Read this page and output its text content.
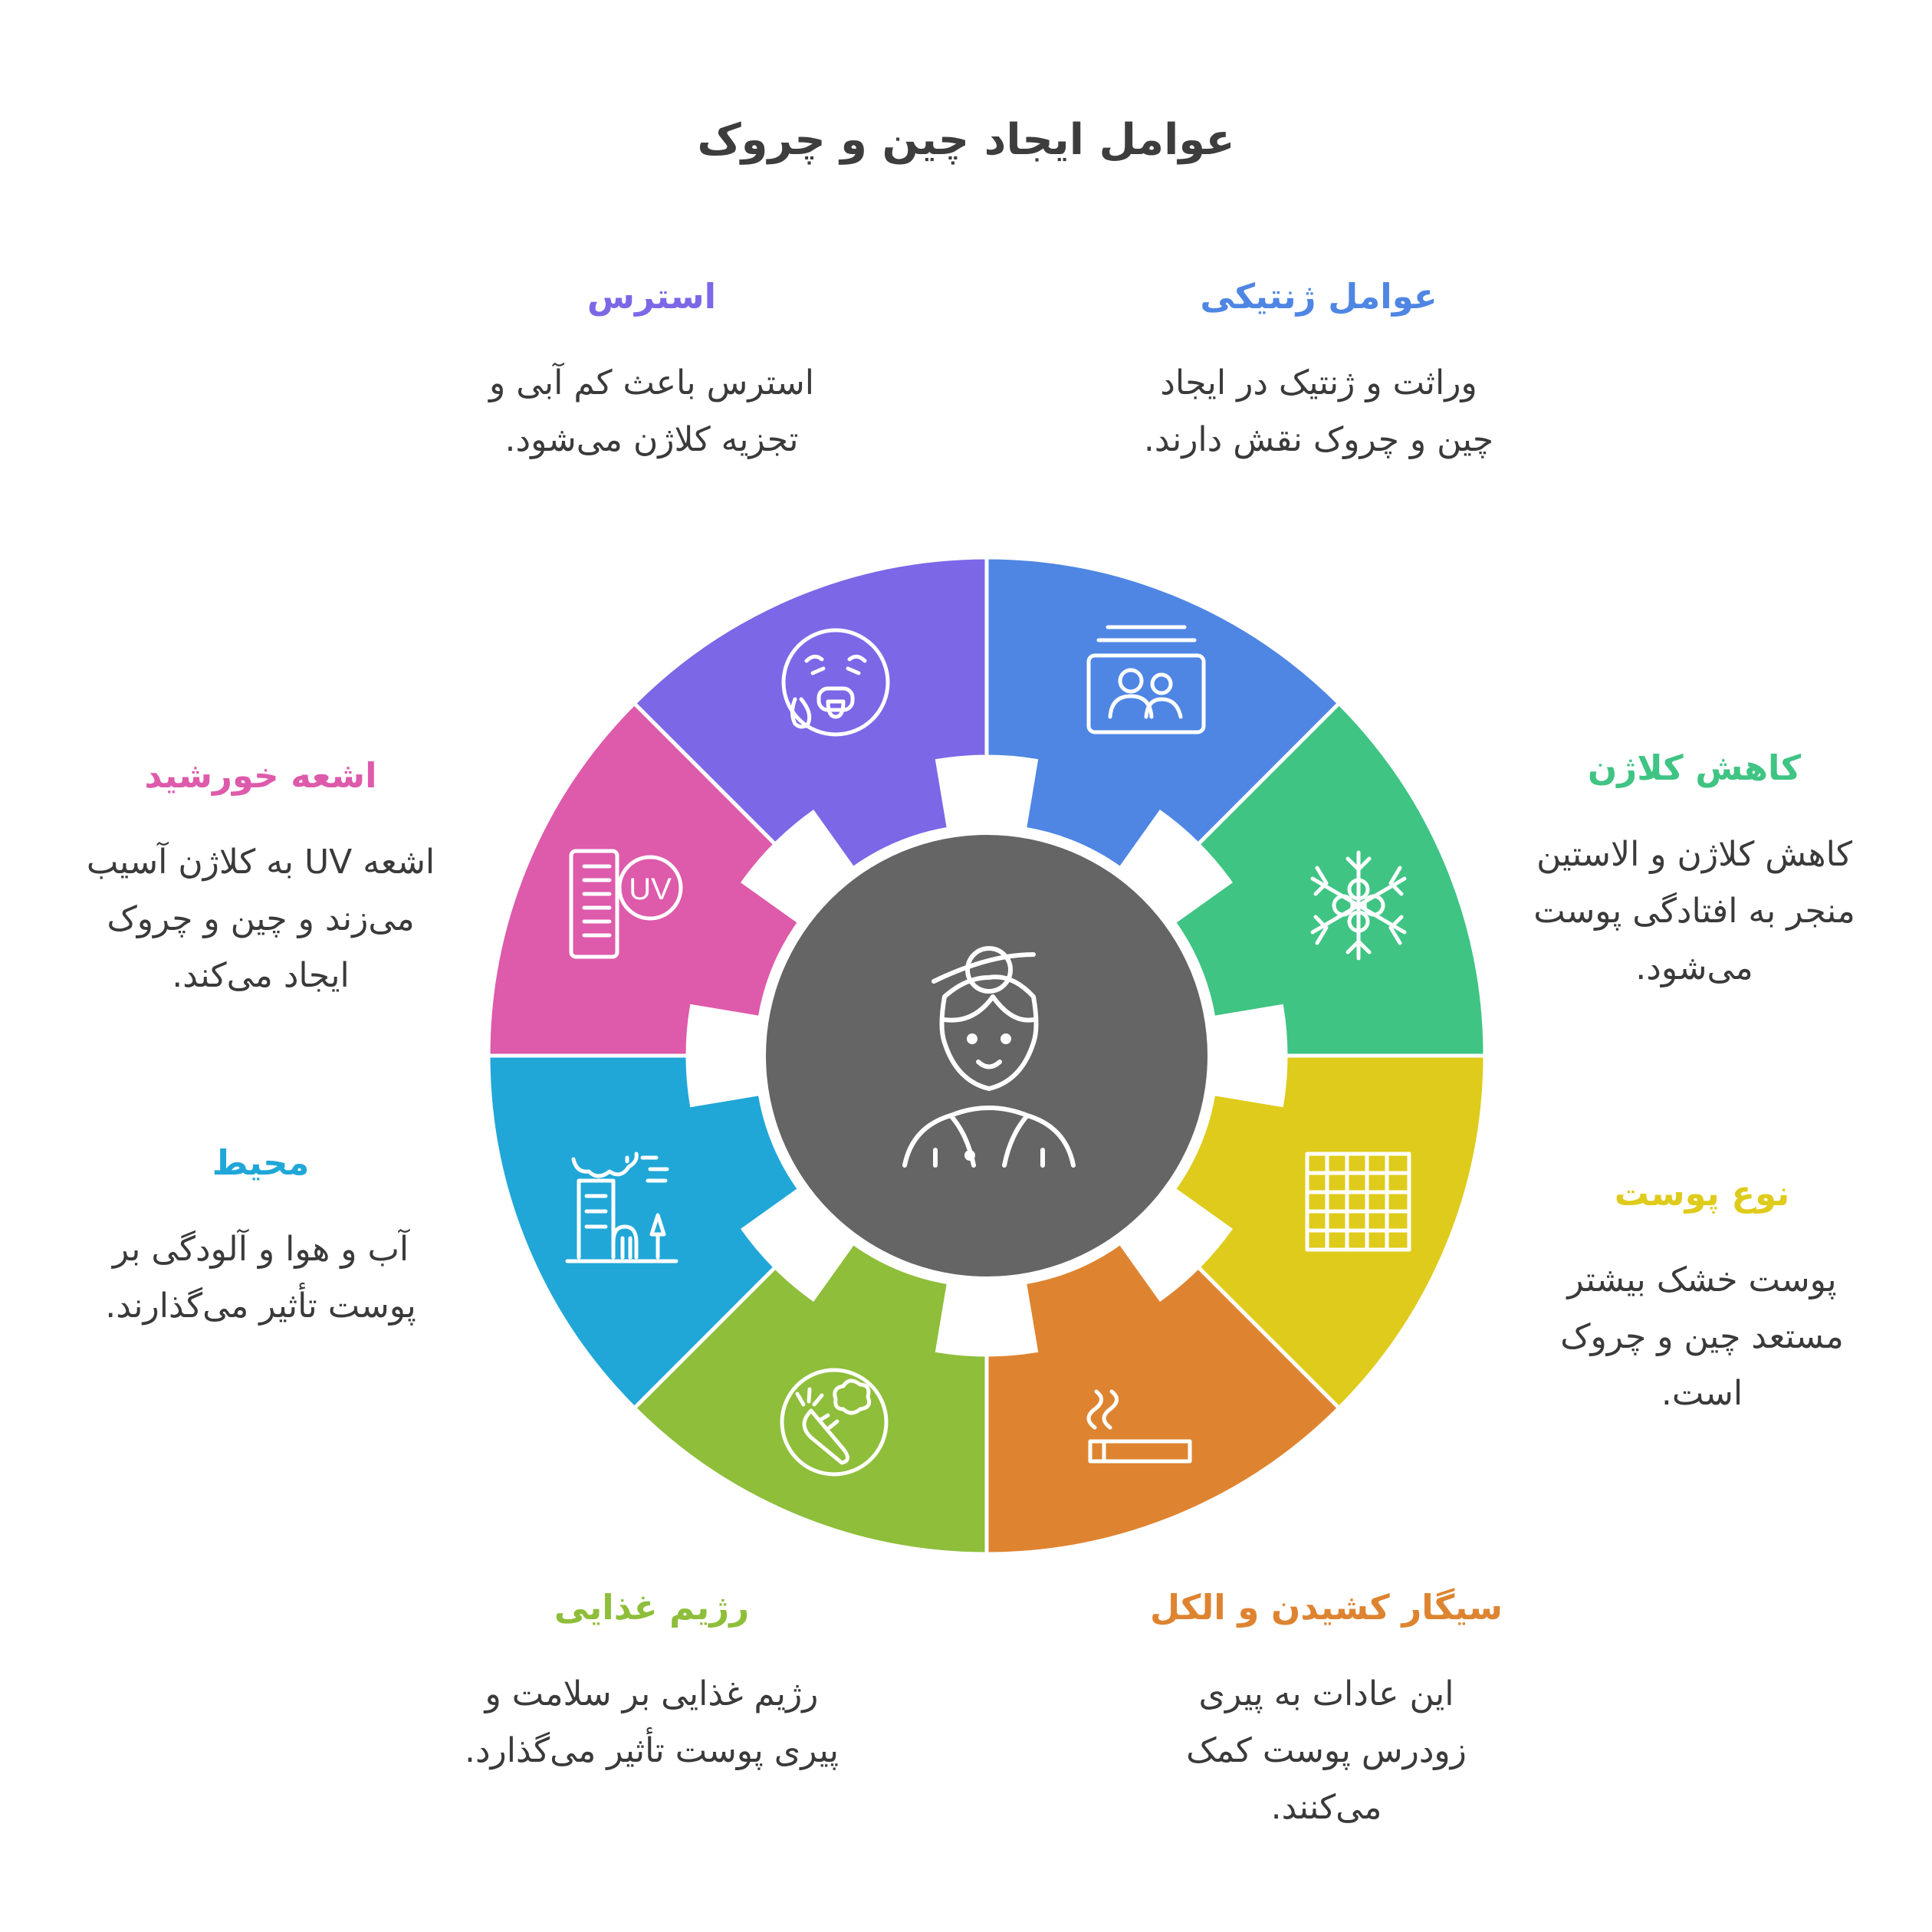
عوامل ایجاد چین و چروک
عوامل ژنتیکی
وراثت و ژنتیک در ایجاد چین و چروک نقش دارند.
کاهش کلاژن
کاهش کلاژن و الاستین منجر به افتادگی پوست می‌شود.
نوع پوست
پوست خشک بیشتر مستعد چین و چروک است.
سیگار کشیدن و الکل
این عادات به پیری زودرس پوست کمک می‌کنند.
رژیم غذایی
رژیم غذایی بر سلامت و پیری پوست تأثیر می‌گذارد.
محیط
آب و هوا و آلودگی بر پوست تأثیر می‌گذارند.
اشعه خورشید
اشعه UV به کلاژن آسیب می‌زند و چین و چروک ایجاد می‌کند.
استرس
استرس باعث کم آبی و تجزیه کلاژن می‌شود.
UV
